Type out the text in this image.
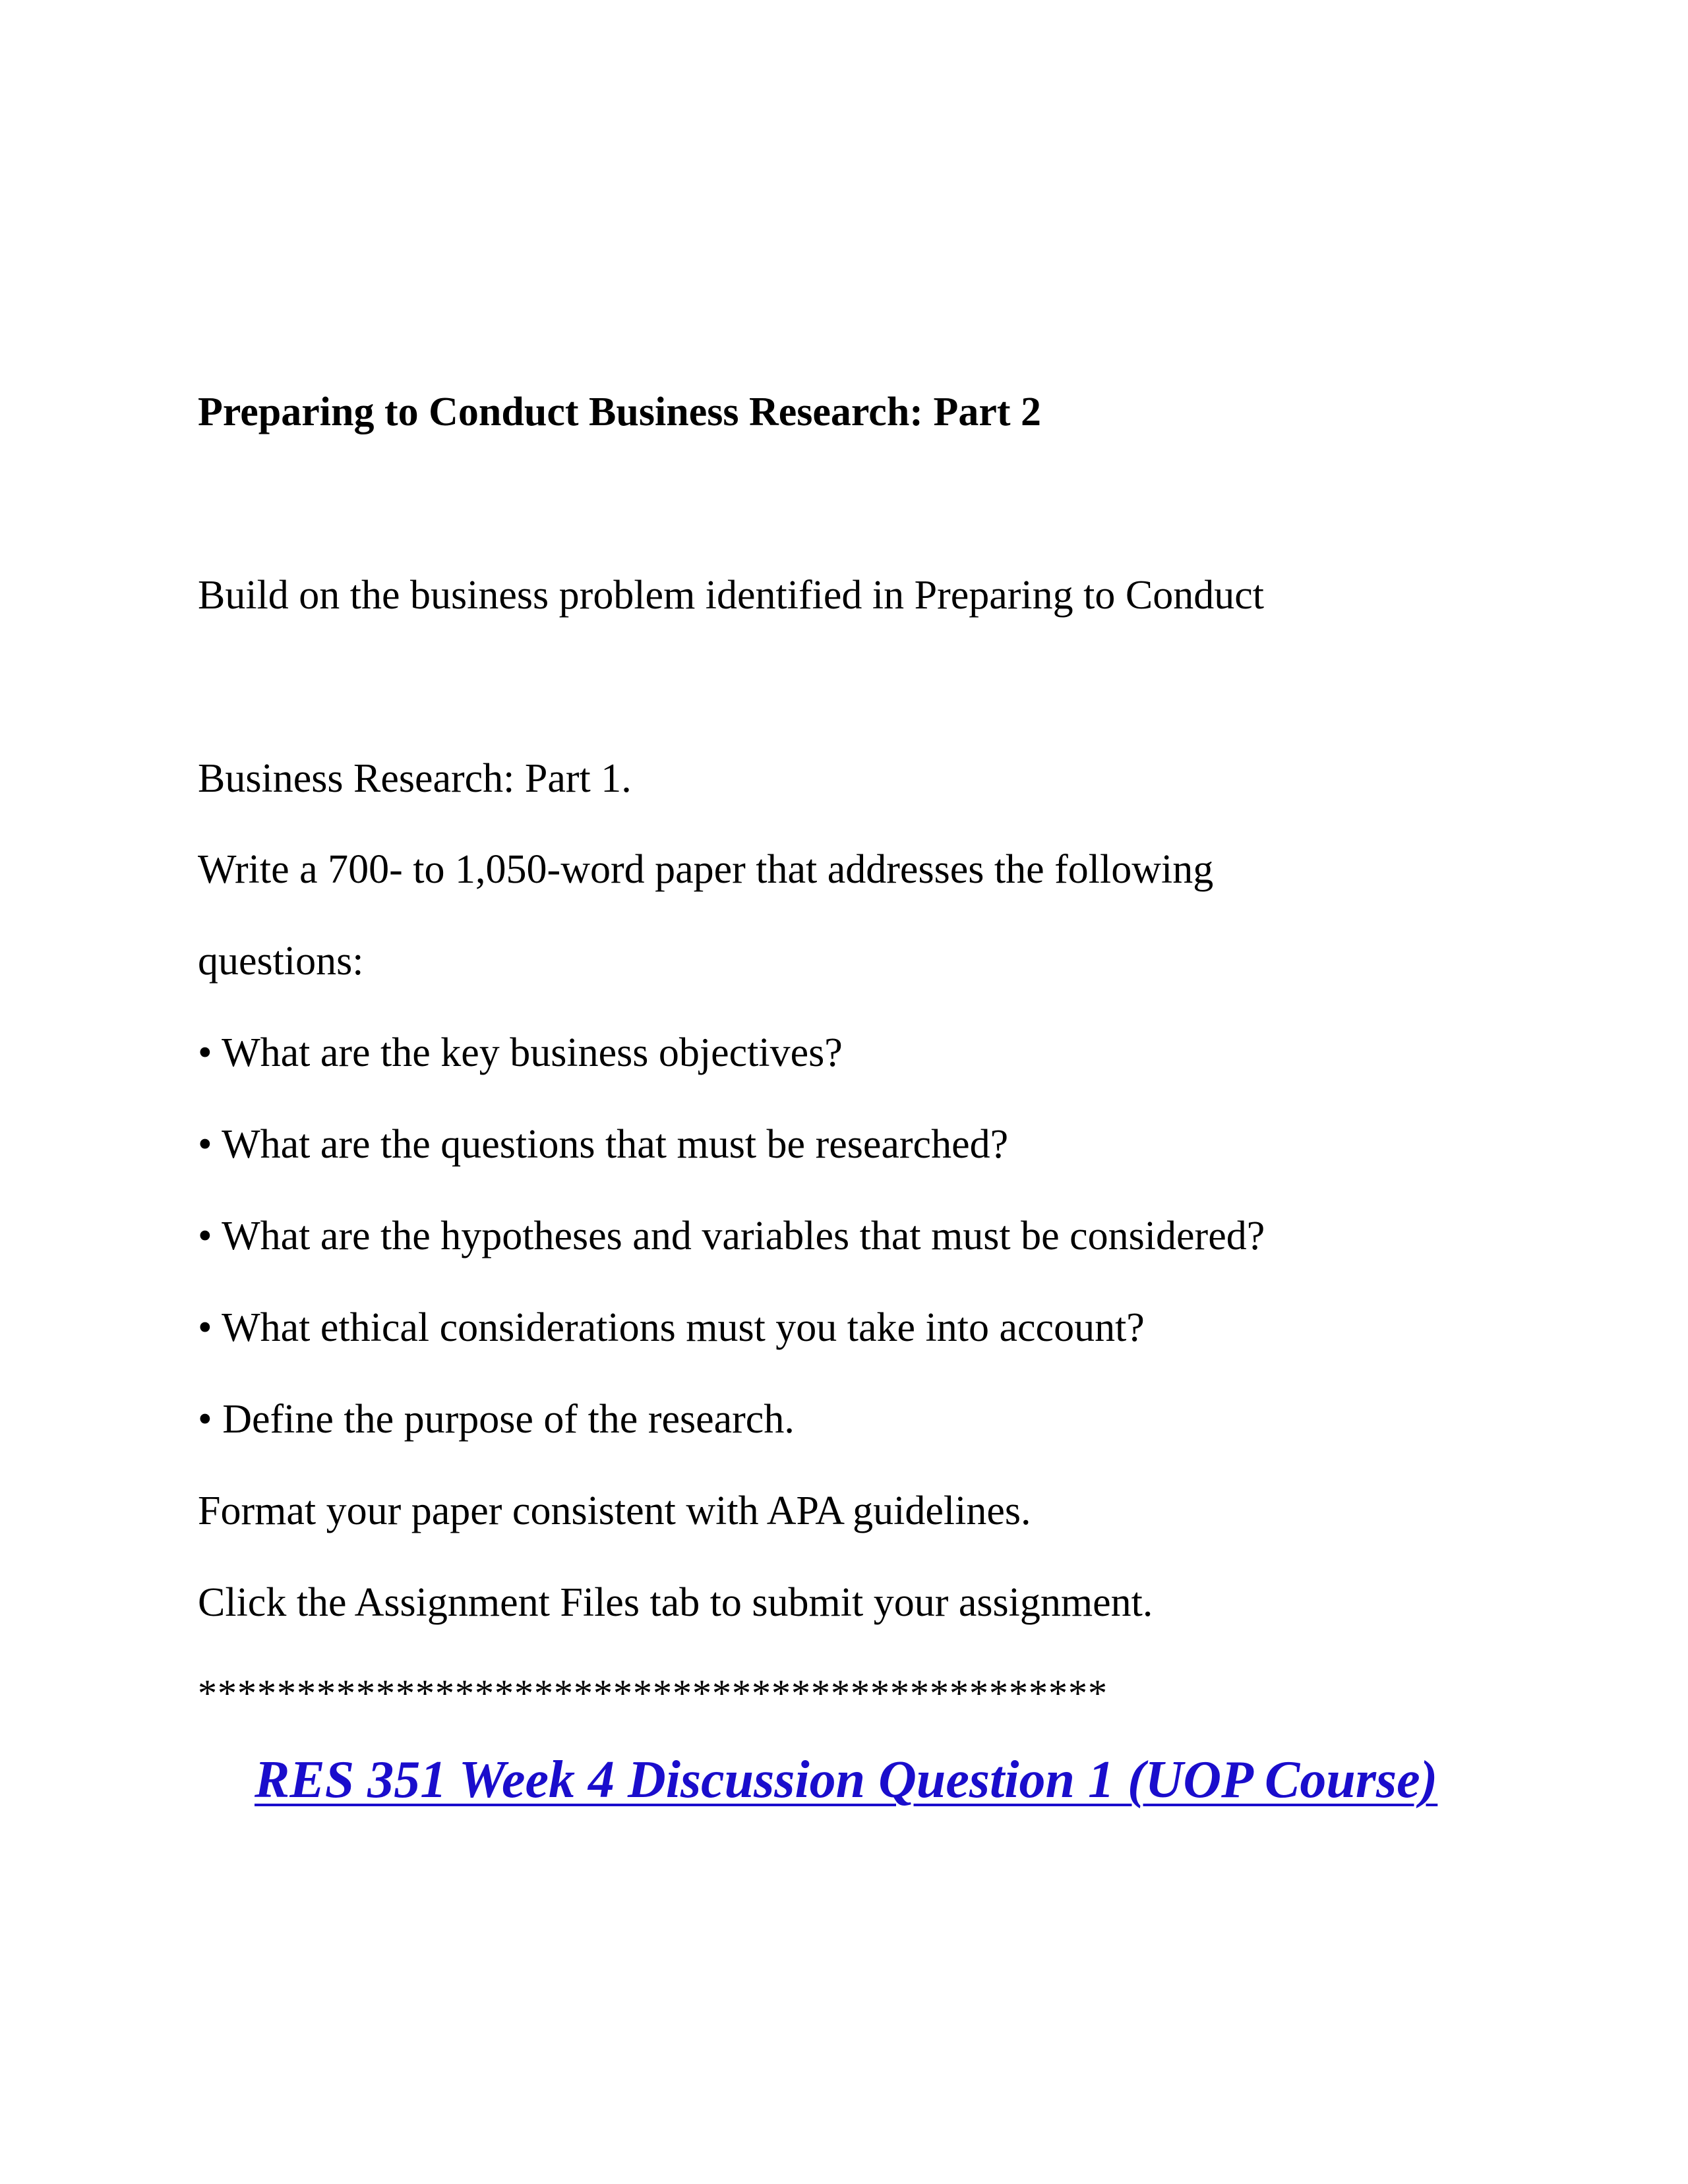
Preparing to Conduct Business Research: Part 2

Build on the business problem identified in Preparing to Conduct

Business Research: Part 1.

Write a 700- to 1,050-word paper that addresses the following

questions:

• What are the key business objectives?

• What are the questions that must be researched?

• What are the hypotheses and variables that must be considered?

• What ethical considerations must you take into account?

• Define the purpose of the research.

Format your paper consistent with APA guidelines.

Click the Assignment Files tab to submit your assignment.

**********************************************

RES 351 Week 4 Discussion Question 1 (UOP Course)
